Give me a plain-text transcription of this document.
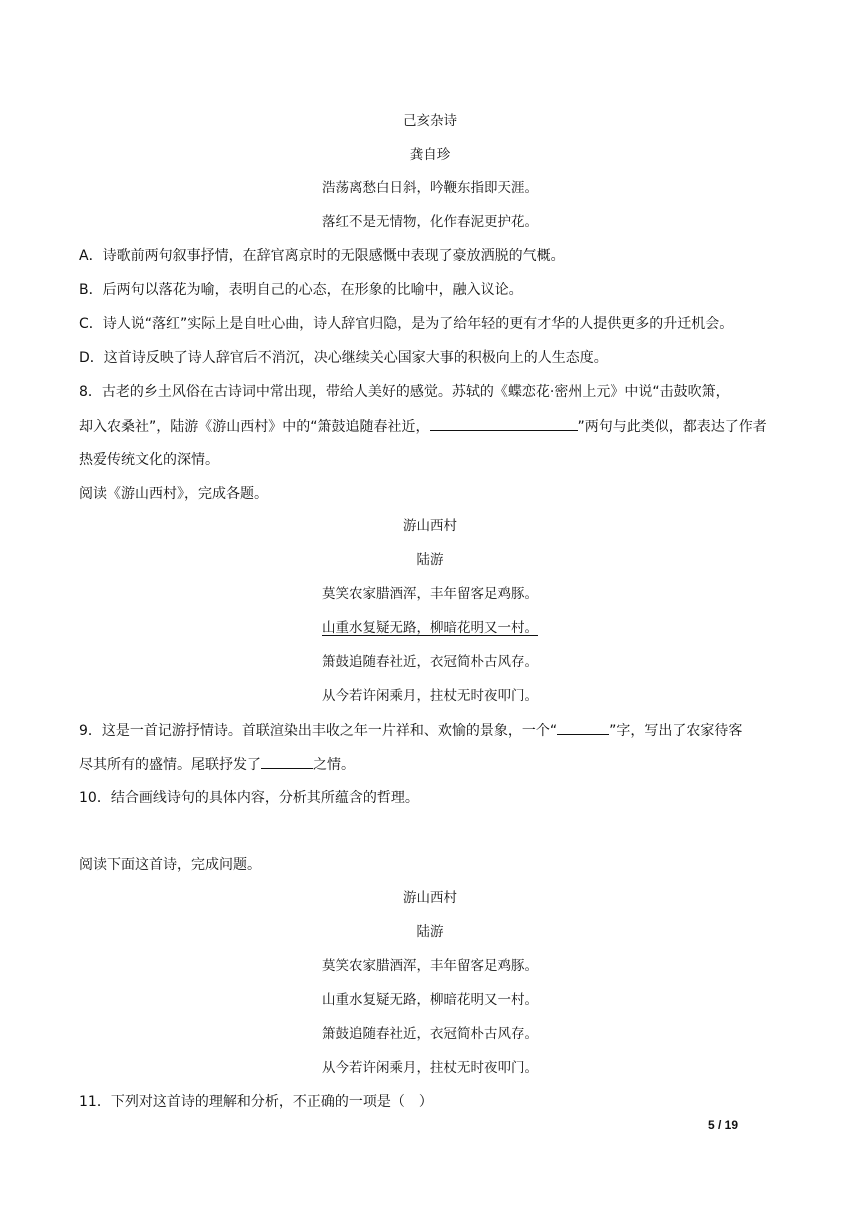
己亥杂诗
龚自珍
浩荡离愁白日斜，吟鞭东指即天涯。
落红不是无情物，化作春泥更护花。
A．诗歌前两句叙事抒情，在辞官离京时的无限感慨中表现了豪放洒脱的气概。
B．后两句以落花为喻，表明自己的心态，在形象的比喻中，融入议论。
C．诗人说“落红”实际上是自吐心曲，诗人辞官归隐，是为了给年轻的更有才华的人提供更多的升迁机会。
D．这首诗反映了诗人辞官后不消沉，决心继续关心国家大事的积极向上的人生态度。
8．古老的乡土风俗在古诗词中常出现，带给人美好的感觉。苏轼的《蝶恋花·密州上元》中说“击鼓吹箫，
却入农桑社”，陆游《游山西村》中的“箫鼓追随春社近，	”两句与此类似，都表达了作者
热爱传统文化的深情。
阅读《游山西村》，完成各题。
游山西村
陆游
莫笑农家腊酒浑，丰年留客足鸡豚。
山重水复疑无路，柳暗花明又一村。
箫鼓追随春社近，衣冠简朴古风存。
从今若许闲乘月，拄杖无时夜叩门。
9．这是一首记游抒情诗。首联渲染出丰收之年一片祥和、欢愉的景象，一个“	”字，写出了农家待客
尽其所有的盛情。尾联抒发了	之情。
10．结合画线诗句的具体内容，分析其所蕴含的哲理。
阅读下面这首诗，完成问题。
游山西村
陆游
莫笑农家腊酒浑，丰年留客足鸡豚。
山重水复疑无路，柳暗花明又一村。
箫鼓追随春社近，衣冠简朴古风存。
从今若许闲乘月，拄杖无时夜叩门。
11．下列对这首诗的理解和分析，不正确的一项是（　）
5 / 19
